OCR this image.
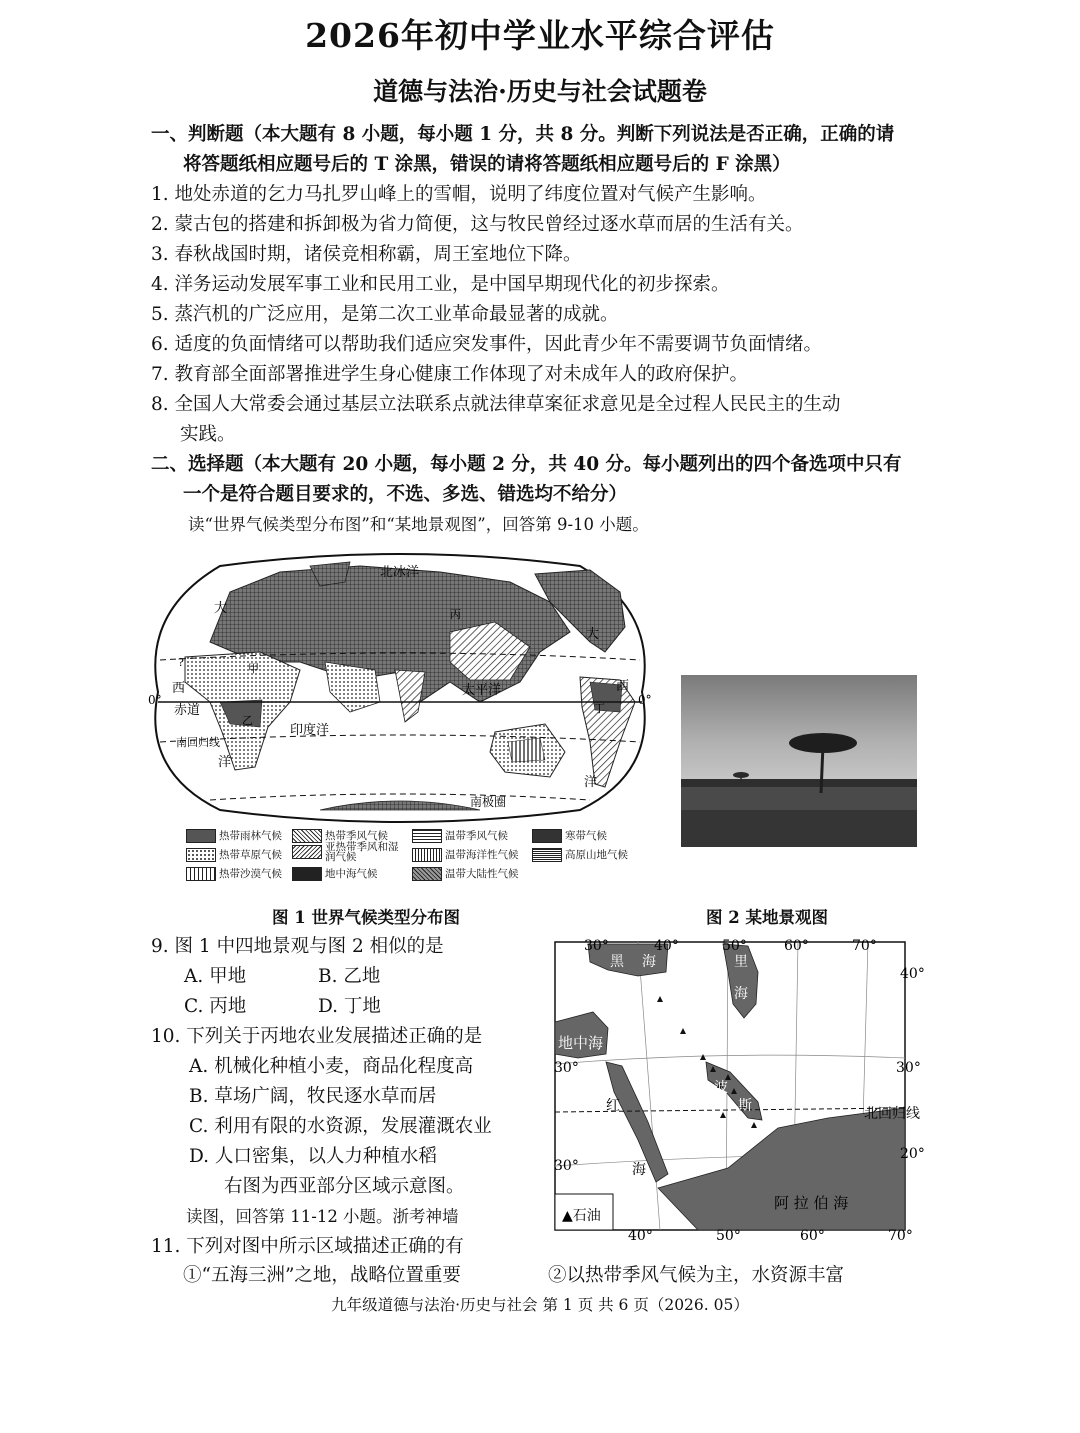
2026年初中学业水平综合评估
道德与法治·历史与社会试题卷
一、判断题（本大题有 8 小题，每小题 1 分，共 8 分。判断下列说法是否正确，正确的请
将答题纸相应题号后的 T 涂黑，错误的请将答题纸相应题号后的 F 涂黑）
1. 地处赤道的乞力马扎罗山峰上的雪帽，说明了纬度位置对气候产生影响。
2. 蒙古包的搭建和拆卸极为省力简便，这与牧民曾经过逐水草而居的生活有关。
3. 春秋战国时期，诸侯竞相称霸，周王室地位下降。
4. 洋务运动发展军事工业和民用工业，是中国早期现代化的初步探索。
5. 蒸汽机的广泛应用，是第二次工业革命最显著的成就。
6. 适度的负面情绪可以帮助我们适应突发事件，因此青少年不需要调节负面情绪。
7. 教育部全面部署推进学生身心健康工作体现了对未成年人的政府保护。
8. 全国人大常委会通过基层立法联系点就法律草案征求意见是全过程人民民主的生动
实践。
二、选择题（本大题有 20 小题，每小题 2 分，共 40 分。每小题列出的四个备选项中只有
一个是符合题目要求的，不选、多选、错选均不给分）
读“世界气候类型分布图”和“某地景观图”，回答第 9-10 小题。
北冰洋
太平洋
印度洋
赤道
南回归线
南极圈
0°	0°
大
大
西	西
洋
洋
甲
乙
丙
丁
?
热带雨林气候	热带季风气候	温带季风气候	寒带气候
热带草原气候
亚热带季风和湿润气候	温带海洋性气候	高原山地气候
热带沙漠气候	地中海气候	温带大陆性气候
图 1 世界气候类型分布图	图 2 某地景观图
9. 图 1 中四地景观与图 2 相似的是
A. 甲地	B. 乙地
C. 丙地	D. 丁地
10. 下列关于丙地农业发展描述正确的是
A. 机械化种植小麦，商品化程度高
B. 草场广阔，牧民逐水草而居
C. 利用有限的水资源，发展灌溉农业
D. 人口密集，以人力种植水稻
右图为西亚部分区域示意图。
读图，回答第 11-12 小题。浙考神墙
11. 下列对图中所示区域描述正确的有
①“五海三洲”之地，战略位置重要	②以热带季风气候为主，水资源丰富
30°	40°	50°	60°	70°
40°
30°	30°
30°
20°
40°	50°	60°	70°
黑 海	里
海
地中海
红
海
波
斯
阿 拉 伯 海
北回归线
▲石油
九年级道德与法治·历史与社会 第 1 页 共 6 页（2026. 05）
